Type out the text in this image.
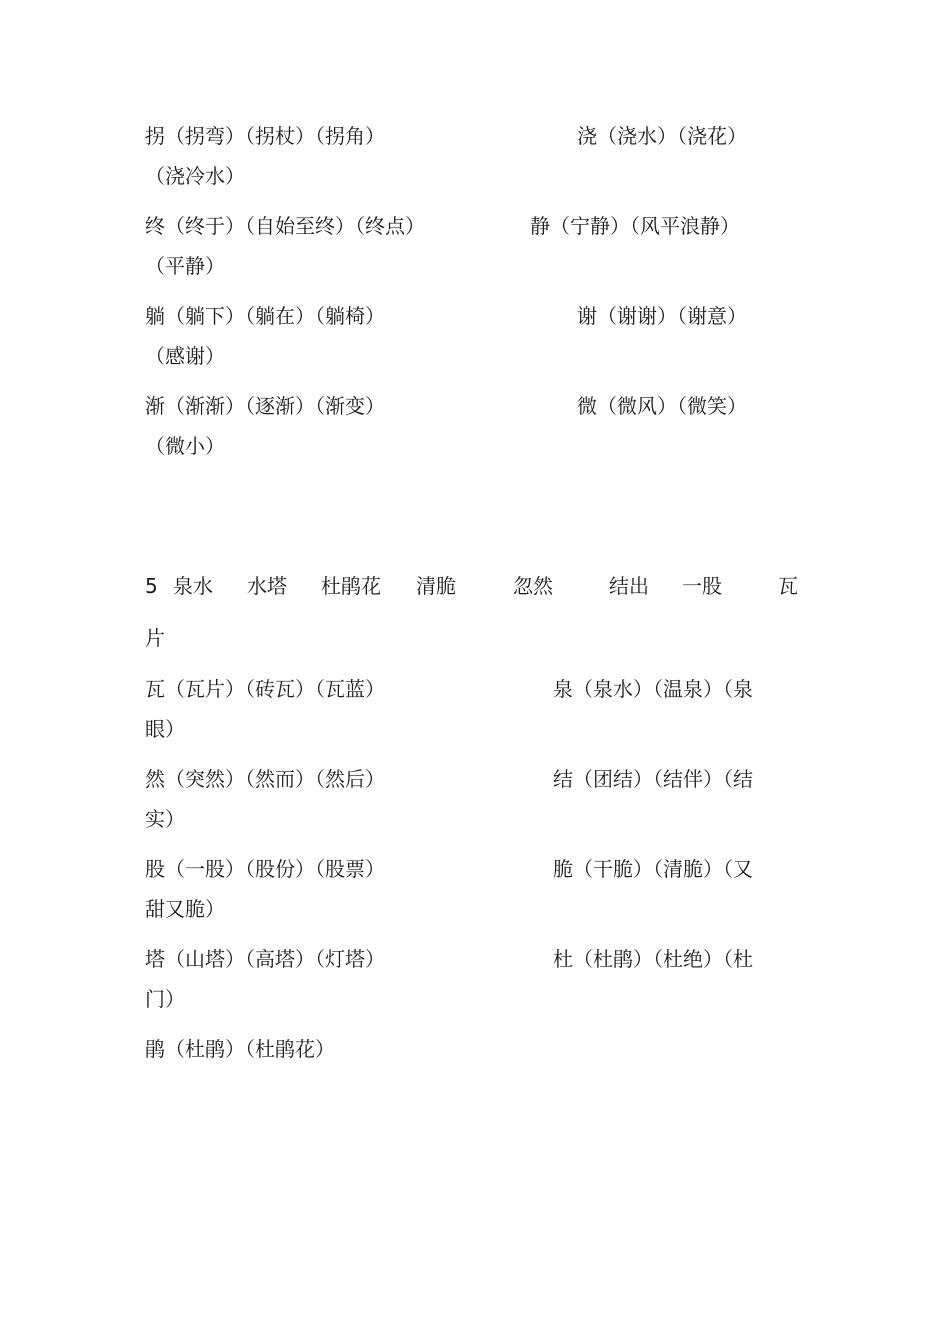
拐（拐弯）（拐杖）（拐角）	浇（浇水）（浇花）

（浇冷水）

终（终于）（自始至终）（终点）	静（宁静）（风平浪静）

（平静）

躺（躺下）（躺在）（躺椅）	谢（谢谢）（谢意）

（感谢）

渐（渐渐）（逐渐）（渐变）	微（微风）（微笑）

（微小）

5 泉水 水塔 杜鹃花 清脆	忽然	结出 一股	瓦

片

瓦（瓦片）（砖瓦）（瓦蓝）	泉（泉水）（温泉）（泉

眼）

然（突然）（然而）（然后）	结（团结）（结伴）（结

实）

股（一股）（股份）（股票）	脆（干脆）（清脆）（又

甜又脆）

塔（山塔）（高塔）（灯塔）	杜（杜鹃）（杜绝）（杜

门）

鹃（杜鹃）（杜鹃花）
